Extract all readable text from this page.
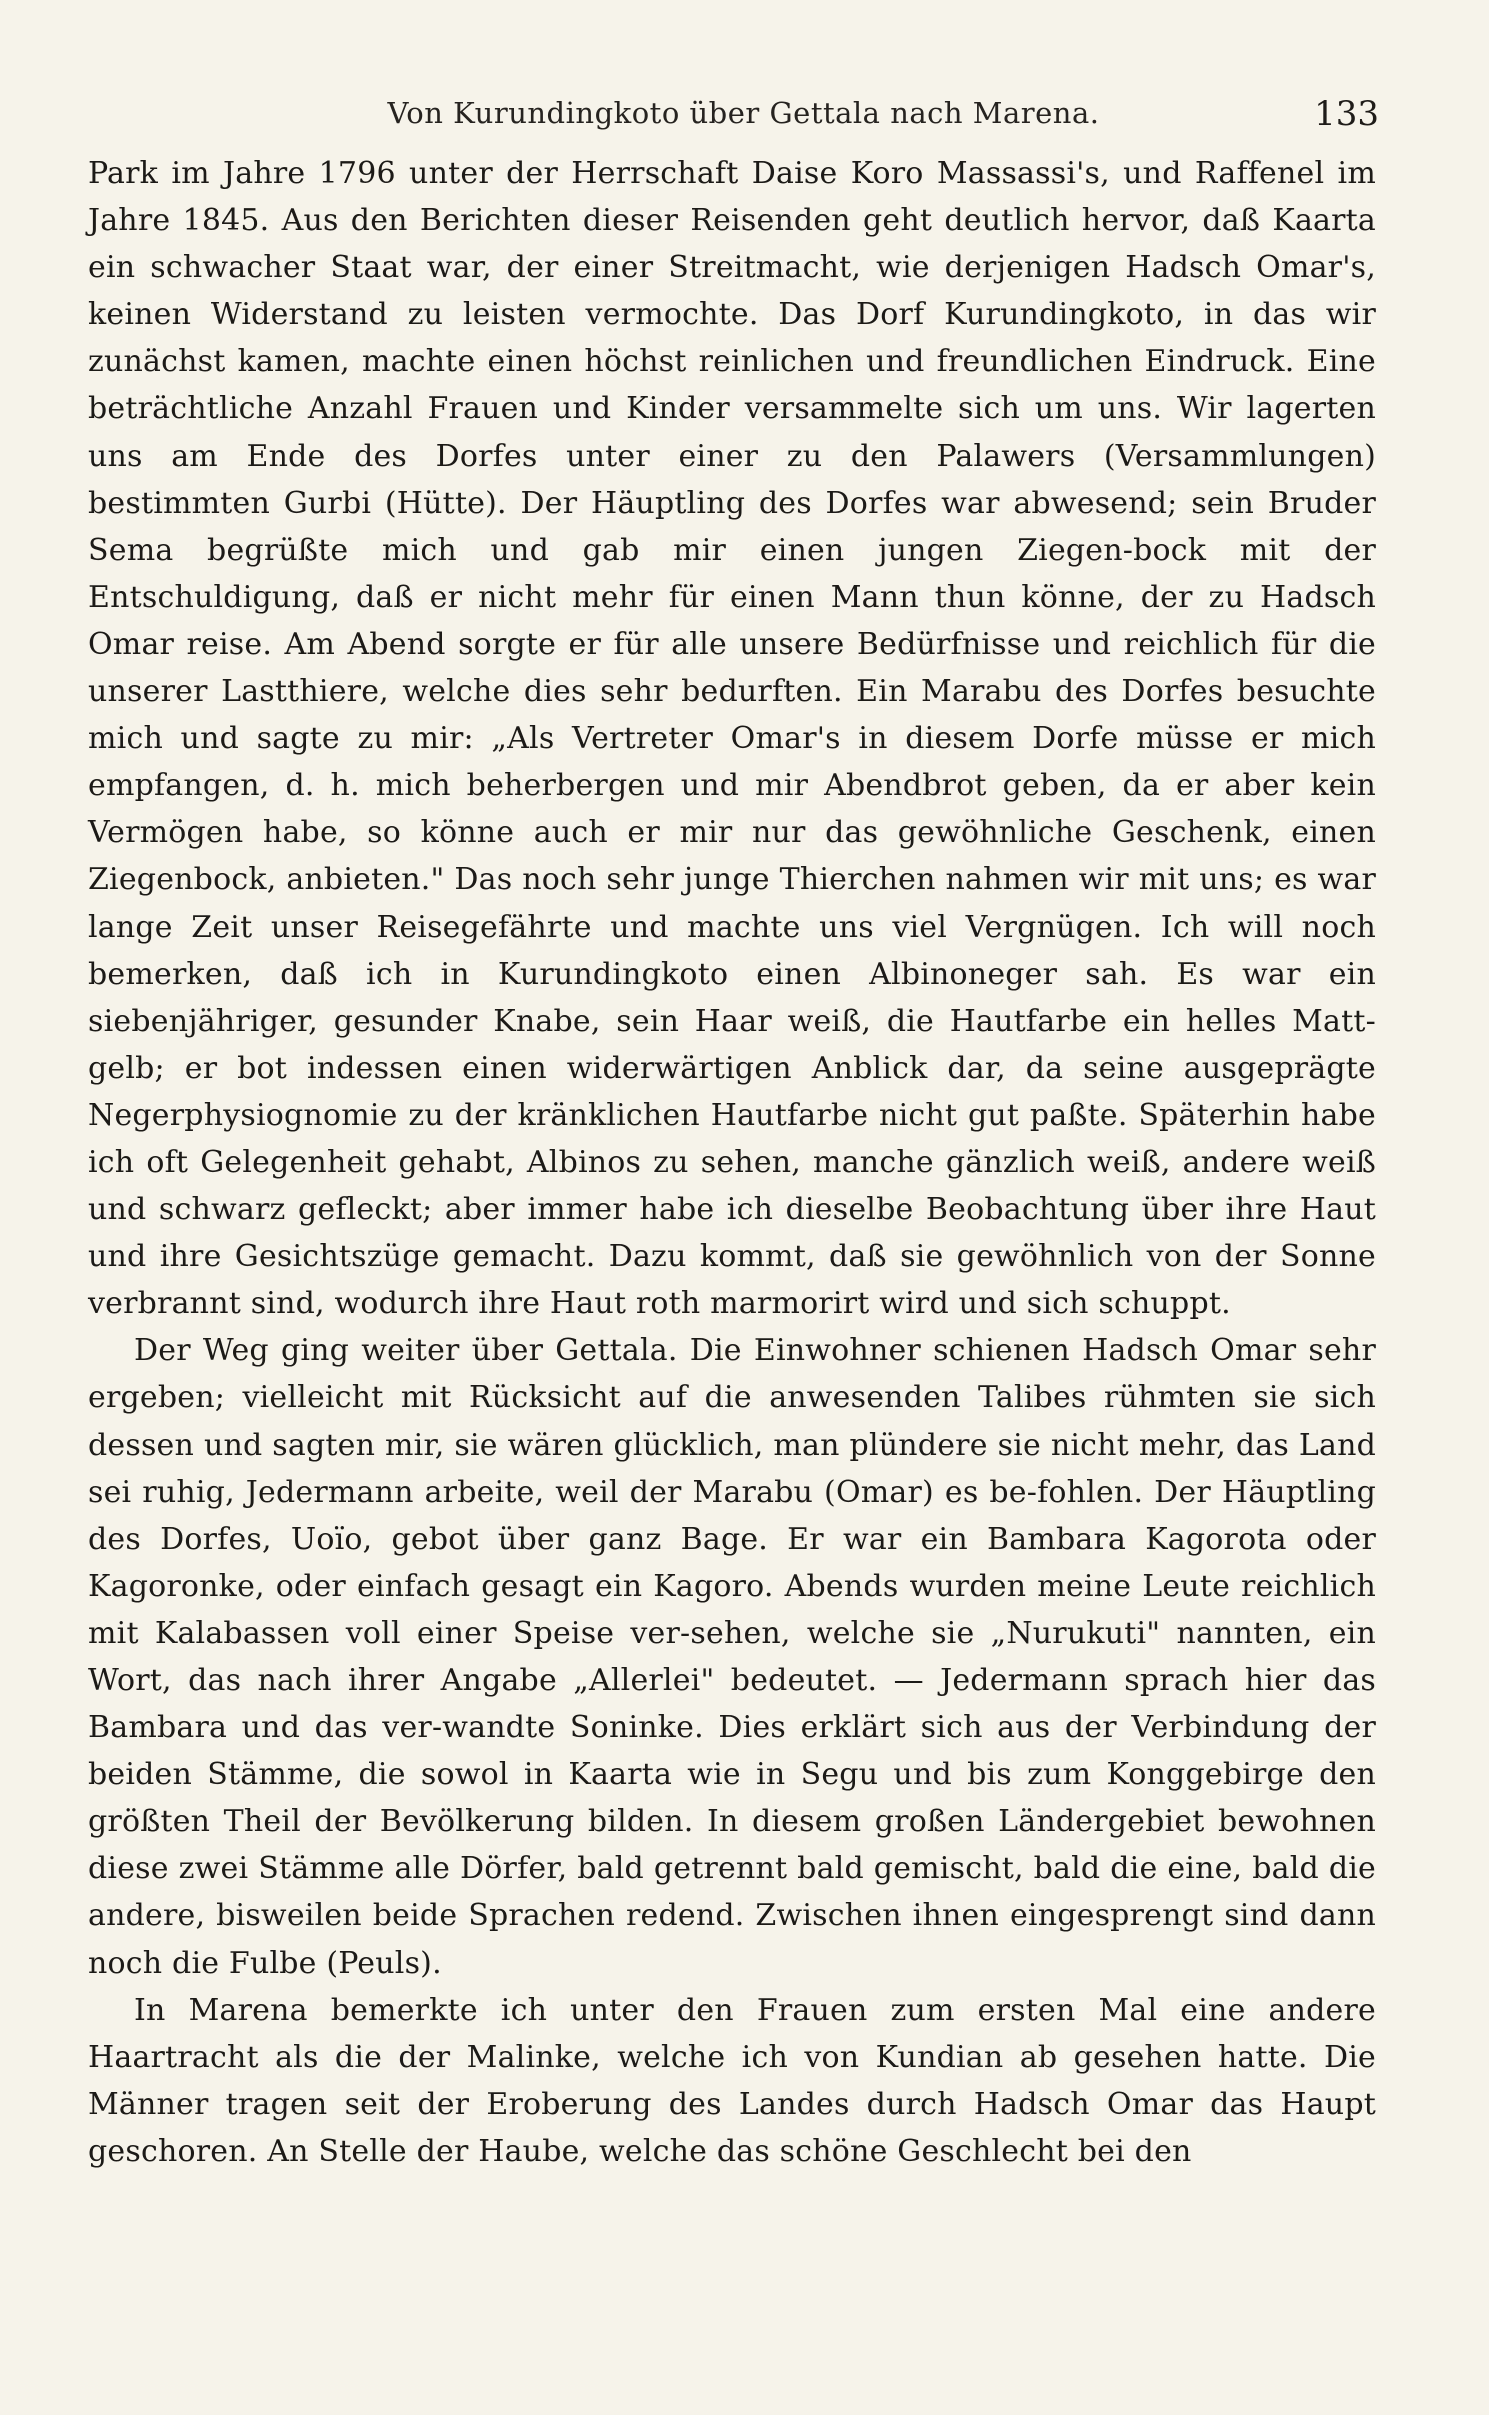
Von Kurundingkoto über Gettala nach Marena.	133

Park im Jahre 1796 unter der Herrschaft Daise Koro Massassi's, und Raffenel im Jahre 1845. Aus den Berichten dieser Reisenden geht deutlich hervor, daß Kaarta ein schwacher Staat war, der einer Streitmacht, wie derjenigen Hadsch Omar's, keinen Widerstand zu leisten vermochte. Das Dorf Kurundingkoto, in das wir zunächst kamen, machte einen höchst reinlichen und freundlichen Eindruck. Eine beträchtliche Anzahl Frauen und Kinder versammelte sich um uns. Wir lagerten uns am Ende des Dorfes unter einer zu den Palawers (Versammlungen) bestimmten Gurbi (Hütte). Der Häuptling des Dorfes war abwesend; sein Bruder Sema begrüßte mich und gab mir einen jungen Ziegen-bock mit der Entschuldigung, daß er nicht mehr für einen Mann thun könne, der zu Hadsch Omar reise. Am Abend sorgte er für alle unsere Bedürfnisse und reichlich für die unserer Lastthiere, welche dies sehr bedurften. Ein Marabu des Dorfes besuchte mich und sagte zu mir: „Als Vertreter Omar's in diesem Dorfe müsse er mich empfangen, d. h. mich beherbergen und mir Abendbrot geben, da er aber kein Vermögen habe, so könne auch er mir nur das gewöhnliche Geschenk, einen Ziegenbock, anbieten." Das noch sehr junge Thierchen nahmen wir mit uns; es war lange Zeit unser Reisegefährte und machte uns viel Vergnügen. Ich will noch bemerken, daß ich in Kurundingkoto einen Albinoneger sah. Es war ein siebenjähriger, gesunder Knabe, sein Haar weiß, die Hautfarbe ein helles Matt-gelb; er bot indessen einen widerwärtigen Anblick dar, da seine ausgeprägte Negerphysiognomie zu der kränklichen Hautfarbe nicht gut paßte. Späterhin habe ich oft Gelegenheit gehabt, Albinos zu sehen, manche gänzlich weiß, andere weiß und schwarz gefleckt; aber immer habe ich dieselbe Beobachtung über ihre Haut und ihre Gesichtszüge gemacht. Dazu kommt, daß sie gewöhnlich von der Sonne verbrannt sind, wodurch ihre Haut roth marmorirt wird und sich schuppt.

Der Weg ging weiter über Gettala. Die Einwohner schienen Hadsch Omar sehr ergeben; vielleicht mit Rücksicht auf die anwesenden Talibes rühmten sie sich dessen und sagten mir, sie wären glücklich, man plündere sie nicht mehr, das Land sei ruhig, Jedermann arbeite, weil der Marabu (Omar) es be-fohlen. Der Häuptling des Dorfes, Uoïo, gebot über ganz Bage. Er war ein Bambara Kagorota oder Kagoronke, oder einfach gesagt ein Kagoro. Abends wurden meine Leute reichlich mit Kalabassen voll einer Speise ver-sehen, welche sie „Nurukuti" nannten, ein Wort, das nach ihrer Angabe „Allerlei" bedeutet. — Jedermann sprach hier das Bambara und das ver-wandte Soninke. Dies erklärt sich aus der Verbindung der beiden Stämme, die sowol in Kaarta wie in Segu und bis zum Konggebirge den größten Theil der Bevölkerung bilden. In diesem großen Ländergebiet bewohnen diese zwei Stämme alle Dörfer, bald getrennt bald gemischt, bald die eine, bald die andere, bisweilen beide Sprachen redend. Zwischen ihnen eingesprengt sind dann noch die Fulbe (Peuls).

In Marena bemerkte ich unter den Frauen zum ersten Mal eine andere Haartracht als die der Malinke, welche ich von Kundian ab gesehen hatte. Die Männer tragen seit der Eroberung des Landes durch Hadsch Omar das Haupt geschoren. An Stelle der Haube, welche das schöne Geschlecht bei den
